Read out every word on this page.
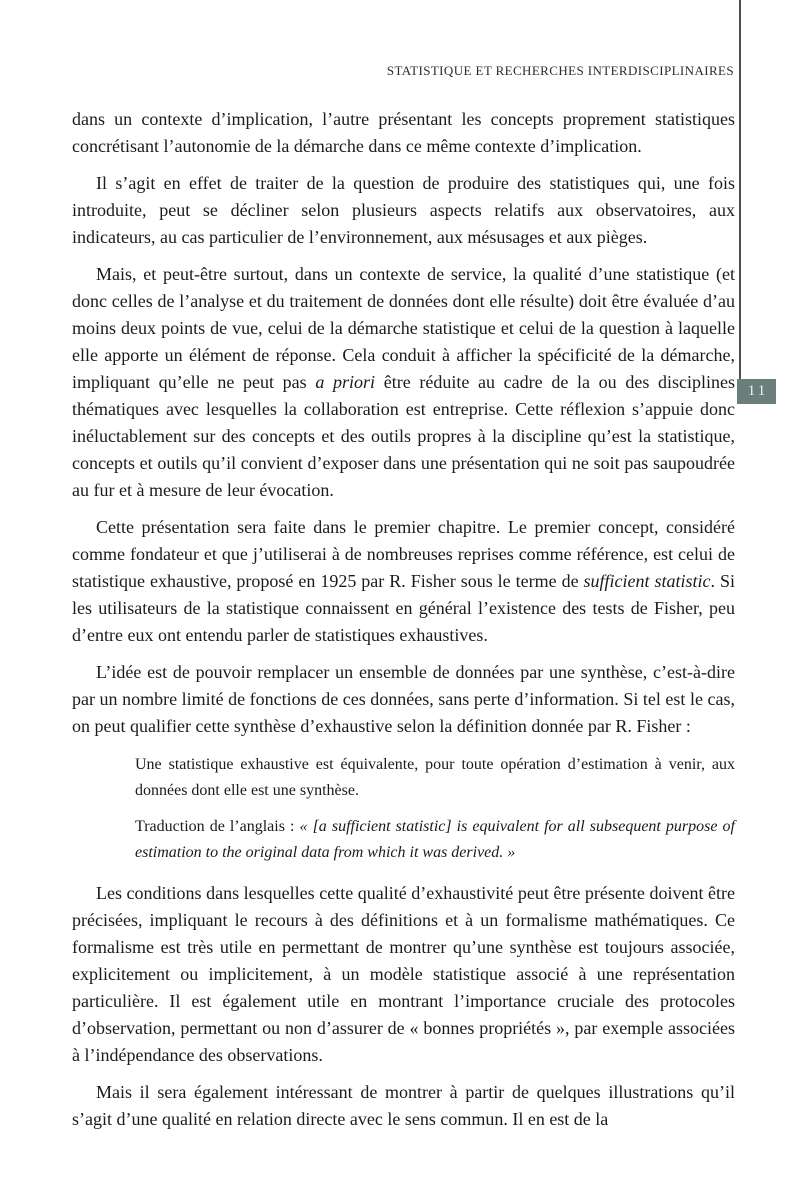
STATISTIQUE ET RECHERCHES INTERDISCIPLINAIRES
11

dans un contexte d’implication, l’autre présentant les concepts proprement statistiques concrétisant l’autonomie de la démarche dans ce même contexte d’implication.

Il s’agit en effet de traiter de la question de produire des statistiques qui, une fois introduite, peut se décliner selon plusieurs aspects relatifs aux observatoires, aux indicateurs, au cas particulier de l’environnement, aux mésusages et aux pièges.

Mais, et peut-être surtout, dans un contexte de service, la qualité d’une statistique (et donc celles de l’analyse et du traitement de données dont elle résulte) doit être évaluée d’au moins deux points de vue, celui de la démarche statistique et celui de la question à laquelle elle apporte un élément de réponse. Cela conduit à afficher la spécificité de la démarche, impliquant qu’elle ne peut pas a priori être réduite au cadre de la ou des disciplines thématiques avec lesquelles la collaboration est entreprise. Cette réflexion s’appuie donc inéluctablement sur des concepts et des outils propres à la discipline qu’est la statistique, concepts et outils qu’il convient d’exposer dans une présentation qui ne soit pas saupoudrée au fur et à mesure de leur évocation.

Cette présentation sera faite dans le premier chapitre. Le premier concept, considéré comme fondateur et que j’utiliserai à de nombreuses reprises comme référence, est celui de statistique exhaustive, proposé en 1925 par R. Fisher sous le terme de sufficient statistic. Si les utilisateurs de la statistique connaissent en général l’existence des tests de Fisher, peu d’entre eux ont entendu parler de statistiques exhaustives.

L’idée est de pouvoir remplacer un ensemble de données par une synthèse, c’est-à-dire par un nombre limité de fonctions de ces données, sans perte d’information. Si tel est le cas, on peut qualifier cette synthèse d’exhaustive selon la définition donnée par R. Fisher :

Une statistique exhaustive est équivalente, pour toute opération d’estimation à venir, aux données dont elle est une synthèse.

Traduction de l’anglais : « [a sufficient statistic] is equivalent for all subsequent purpose of estimation to the original data from which it was derived. »

Les conditions dans lesquelles cette qualité d’exhaustivité peut être présente doivent être précisées, impliquant le recours à des définitions et à un formalisme mathématiques. Ce formalisme est très utile en permettant de montrer qu’une synthèse est toujours associée, explicitement ou implicitement, à un modèle statistique associé à une représentation particulière. Il est également utile en montrant l’importance cruciale des protocoles d’observation, permettant ou non d’assurer de « bonnes propriétés », par exemple associées à l’indépendance des observations.

Mais il sera également intéressant de montrer à partir de quelques illustrations qu’il s’agit d’une qualité en relation directe avec le sens commun. Il en est de la
